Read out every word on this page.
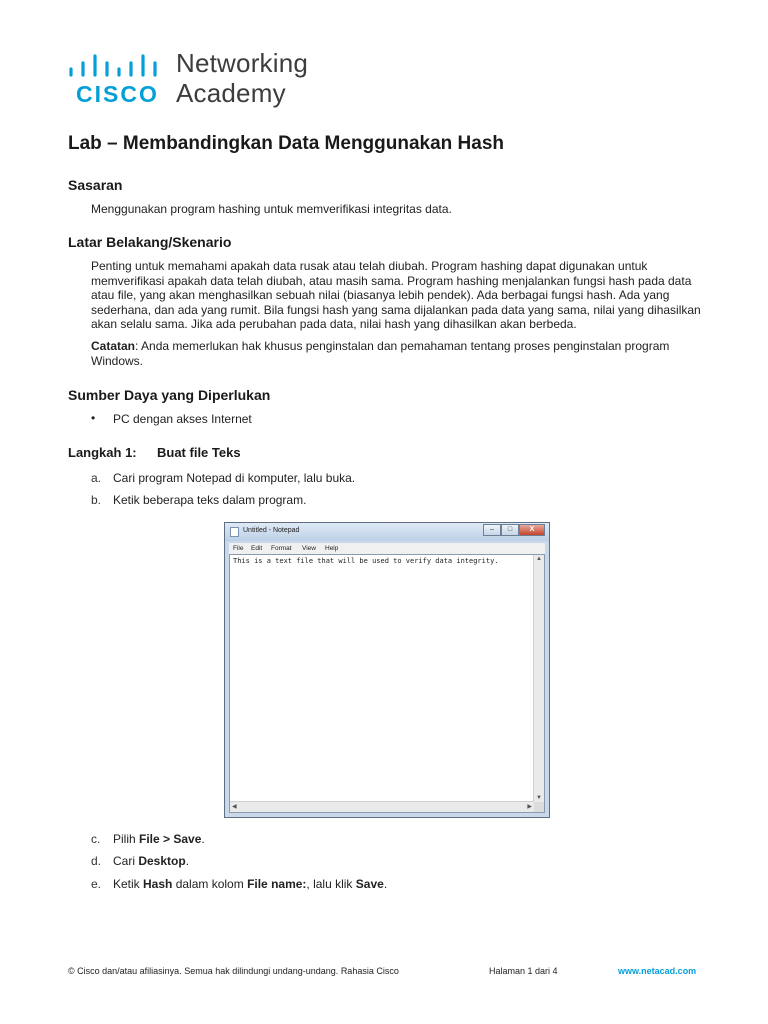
CISCO
Networking
Academy
Lab – Membandingkan Data Menggunakan Hash
Sasaran

Menggunakan program hashing untuk memverifikasi integritas data.

Latar Belakang/Skenario

Penting untuk memahami apakah data rusak atau telah diubah. Program hashing dapat digunakan untuk memverifikasi apakah data telah diubah, atau masih sama. Program hashing menjalankan fungsi hash pada data atau file, yang akan menghasilkan sebuah nilai (biasanya lebih pendek). Ada berbagai fungsi hash. Ada yang sederhana, dan ada yang rumit. Bila fungsi hash yang sama dijalankan pada data yang sama, nilai yang dihasilkan akan selalu sama. Jika ada perubahan pada data, nilai hash yang dihasilkan akan berbeda.

Catatan: Anda memerlukan hak khusus penginstalan dan pemahaman tentang proses penginstalan program Windows.

Sumber Daya yang Diperlukan
• PC dengan akses Internet
Langkah 1: Buat file Teks
a. Cari program Notepad di komputer, lalu buka.
b. Ketik beberapa teks dalam program.
Untitled - Notepad	–	□	X
File Edit Format View Help
This is a text file that will be used to verify data integrity.	▲
▼
◀	▶
c. Pilih File > Save.
d. Cari Desktop.
e. Ketik Hash dalam kolom File name:, lalu klik Save.
© Cisco dan/atau afiliasinya. Semua hak dilindungi undang-undang. Rahasia Cisco	Halaman 1 dari 4	www.netacad.com
